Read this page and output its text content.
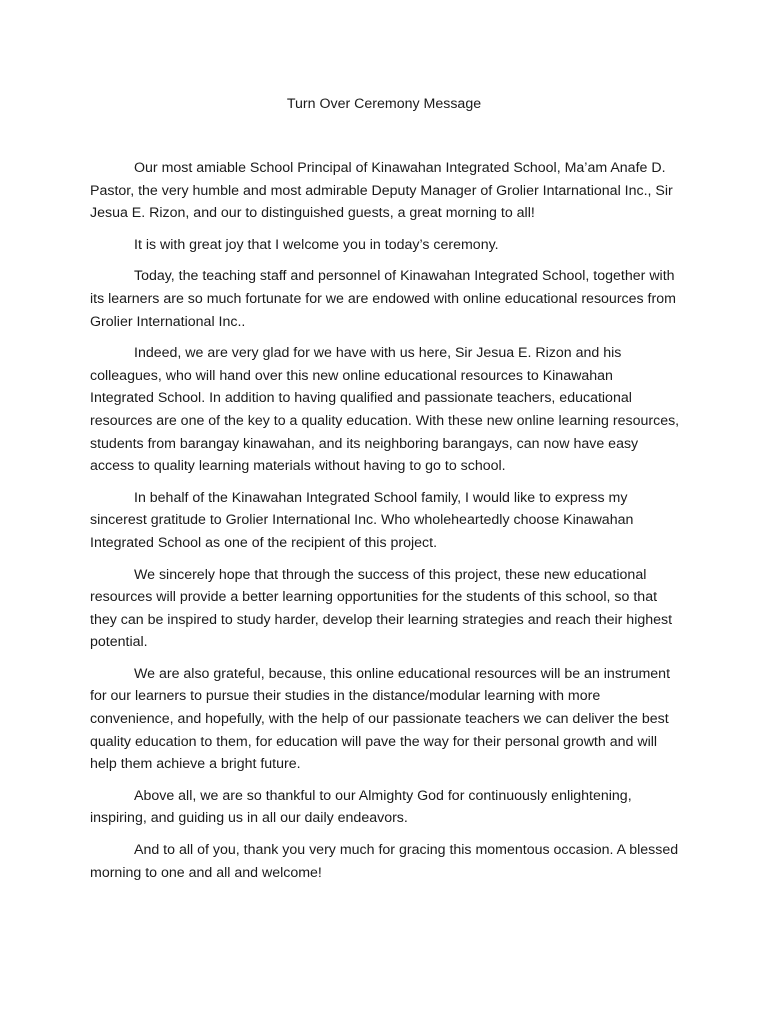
Turn Over Ceremony Message

Our most amiable School Principal of Kinawahan Integrated School, Ma’am Anafe D. Pastor, the very humble and most admirable Deputy Manager of Grolier Intarnational Inc., Sir Jesua E. Rizon, and our to distinguished guests, a great morning to all!

It is with great joy that I welcome you in today’s ceremony.

Today, the teaching staff and personnel of Kinawahan Integrated School, together with its learners are so much fortunate for we are endowed with online educational resources from Grolier International Inc..

Indeed, we are very glad for we have with us here, Sir Jesua E. Rizon and his colleagues, who will hand over this new online educational resources to Kinawahan Integrated School. In addition to having qualified and passionate teachers, educational resources are one of the key to a quality education. With these new online learning resources, students from barangay kinawahan, and its neighboring barangays, can now have easy access to quality learning materials without having to go to school.

In behalf of the Kinawahan Integrated School family, I would like to express my sincerest gratitude to Grolier International Inc. Who wholeheartedly choose Kinawahan Integrated School as one of the recipient of this project.

We sincerely hope that through the success of this project, these new educational resources will provide a better learning opportunities for the students of this school, so that they can be inspired to study harder, develop their learning strategies and reach their highest potential.

We are also grateful, because, this online educational resources will be an instrument for our learners to pursue their studies in the distance/modular learning with more convenience, and hopefully, with the help of our passionate teachers we can deliver the best quality education to them, for education will pave the way for their personal growth and will help them achieve a bright future.

Above all, we are so thankful to our Almighty God for continuously enlightening, inspiring, and guiding us in all our daily endeavors.

And to all of you, thank you very much for gracing this momentous occasion. A blessed morning to one and all and welcome!
